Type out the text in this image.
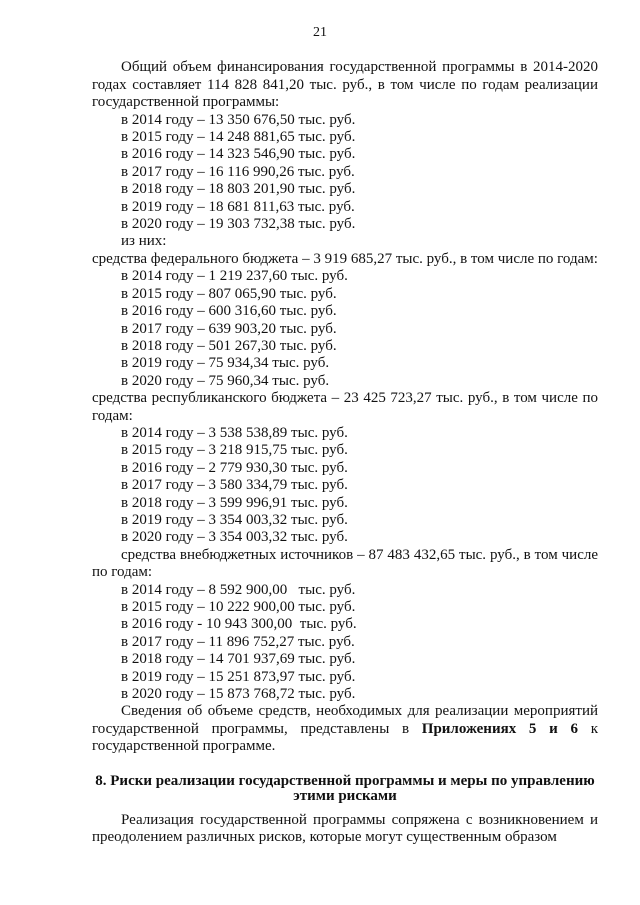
21

Общий объем финансирования государственной программы в 2014-2020 годах составляет 114 828 841,20 тыс. руб., в том числе по годам реализации государственной программы:

в 2014 году – 13 350 676,50 тыс. руб.
в 2015 году – 14 248 881,65 тыс. руб.
в 2016 году – 14 323 546,90 тыс. руб.
в 2017 году – 16 116 990,26 тыс. руб.
в 2018 году – 18 803 201,90 тыс. руб.
в 2019 году – 18 681 811,63 тыс. руб.
в 2020 году – 19 303 732,38 тыс. руб.
из них:

средства федерального бюджета – 3 919 685,27 тыс. руб., в том числе по годам:

в 2014 году – 1 219 237,60 тыс. руб.
в 2015 году – 807 065,90 тыс. руб.
в 2016 году – 600 316,60 тыс. руб.
в 2017 году – 639 903,20 тыс. руб.
в 2018 году – 501 267,30 тыс. руб.
в 2019 году – 75 934,34 тыс. руб.
в 2020 году – 75 960,34 тыс. руб.

средства республиканского бюджета – 23 425 723,27 тыс. руб., в том числе по годам:

в 2014 году – 3 538 538,89 тыс. руб.
в 2015 году – 3 218 915,75 тыс. руб.
в 2016 году – 2 779 930,30 тыс. руб.
в 2017 году – 3 580 334,79 тыс. руб.
в 2018 году – 3 599 996,91 тыс. руб.
в 2019 году – 3 354 003,32 тыс. руб.
в 2020 году – 3 354 003,32 тыс. руб.

средства внебюджетных источников – 87 483 432,65 тыс. руб., в том числе по годам:

в 2014 году – 8 592 900,00   тыс. руб.
в 2015 году – 10 222 900,00 тыс. руб.
в 2016 году - 10 943 300,00  тыс. руб.
в 2017 году – 11 896 752,27 тыс. руб.
в 2018 году – 14 701 937,69 тыс. руб.
в 2019 году – 15 251 873,97 тыс. руб.
в 2020 году – 15 873 768,72 тыс. руб.

Сведения об объеме средств, необходимых для реализации мероприятий государственной программы, представлены в Приложениях 5 и 6 к государственной программе.

8. Риски реализации государственной программы и меры по управлению
этими рисками

Реализация государственной программы сопряжена с возникновением и преодолением различных рисков, которые могут существенным образом
